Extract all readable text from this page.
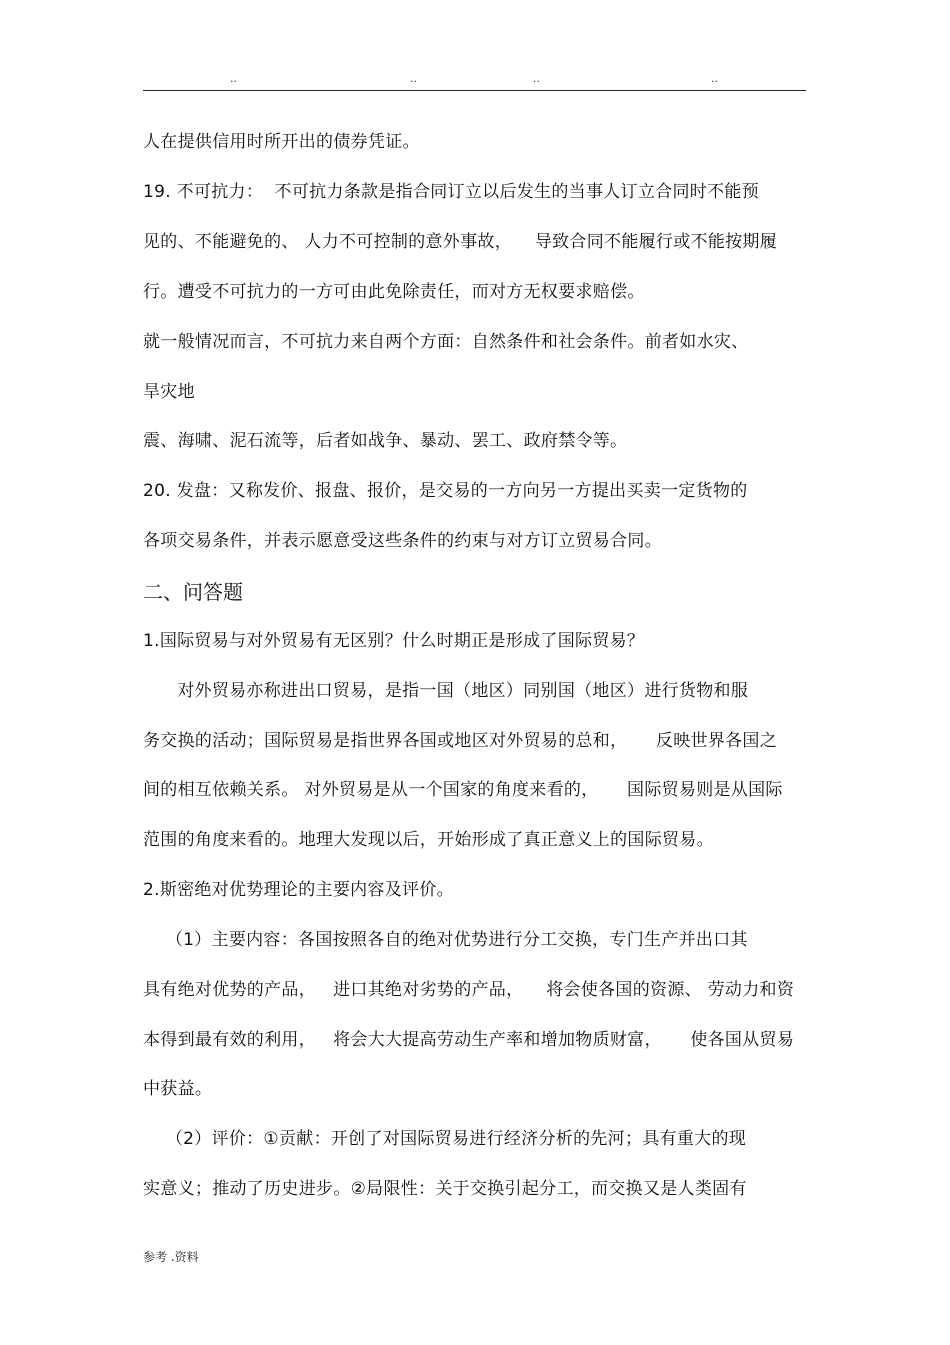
..	..	..	..
人在提供信用时所开出的债券凭证。
19. 不可抗力：  不可抗力条款是指合同订立以后发生的当事人订立合同时不能预
见的、不能避免的、 人力不可控制的意外事故，    导致合同不能履行或不能按期履
行。遭受不可抗力的一方可由此免除责任，而对方无权要求赔偿。
就一般情况而言，不可抗力来自两个方面：自然条件和社会条件。前者如水灾、
旱灾地
震、海啸、泥石流等，后者如战争、暴动、罢工、政府禁令等。
20. 发盘：又称发价、报盘、报价，是交易的一方向另一方提出买卖一定货物的
各项交易条件，并表示愿意受这些条件的约束与对方订立贸易合同。
二、问答题
1.国际贸易与对外贸易有无区别？什么时期正是形成了国际贸易？
对外贸易亦称进出口贸易，是指一国（地区）同别国（地区）进行货物和服
务交换的活动；国际贸易是指世界各国或地区对外贸易的总和，     反映世界各国之
间的相互依赖关系。 对外贸易是从一个国家的角度来看的，     国际贸易则是从国际
范围的角度来看的。地理大发现以后，开始形成了真正意义上的国际贸易。
2.斯密绝对优势理论的主要内容及评价。
（1）主要内容：各国按照各自的绝对优势进行分工交换，专门生产并出口其
具有绝对优势的产品，   进口其绝对劣势的产品，    将会使各国的资源、 劳动力和资
本得到最有效的利用，   将会大大提高劳动生产率和增加物质财富，     使各国从贸易
中获益。
（2）评价：①贡献：开创了对国际贸易进行经济分析的先河；具有重大的现
实意义；推动了历史进步。②局限性：关于交换引起分工，而交换又是人类固有
参考 .资料
